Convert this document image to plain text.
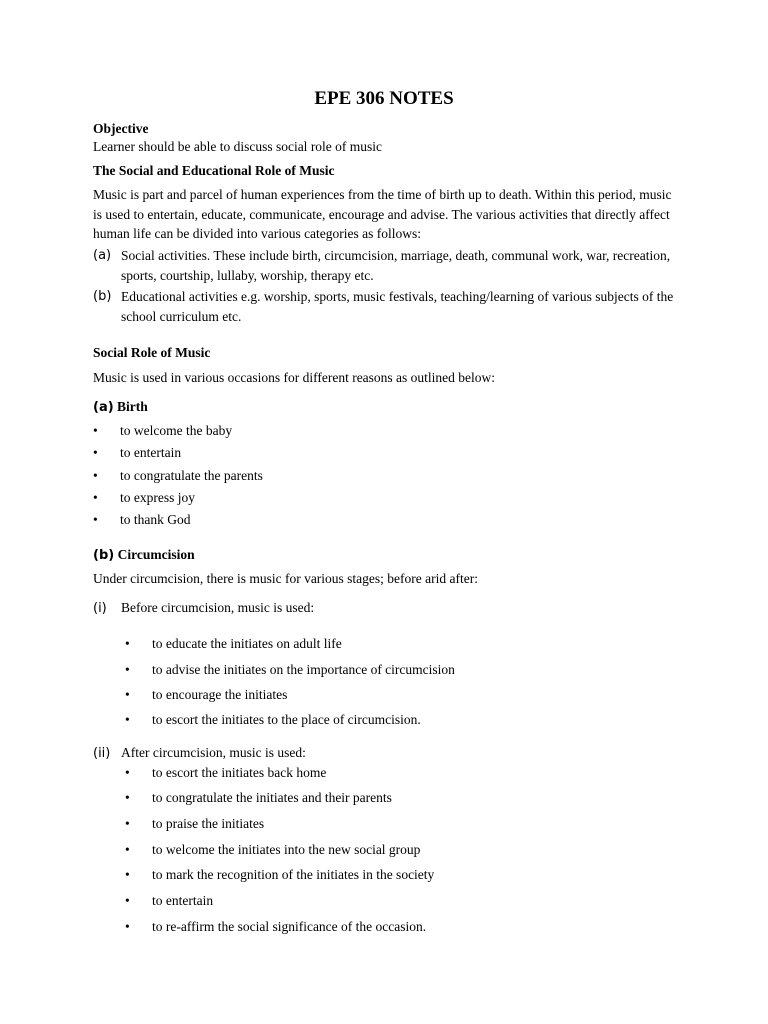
EPE 306 NOTES
Objective
Learner should be able to discuss social role of music
The Social and Educational Role of Music
Music is part and parcel of human experiences from the time of birth up to death. Within this period, music is used to entertain, educate, communicate, encourage and advise. The various activities that directly affect human life can be divided into various categories as follows:
(a) Social activities. These include birth, circumcision, marriage, death, communal work, war, recreation, sports, courtship, lullaby, worship, therapy etc.
(b) Educational activities e.g. worship, sports, music festivals, teaching/learning of various subjects of the school curriculum etc.
Social Role of Music
Music is used in various occasions for different reasons as outlined below:
(a) Birth
• to welcome the baby
• to entertain
• to congratulate the parents
• to express joy
• to thank God
(b) Circumcision
Under circumcision, there is music for various stages; before arid after:
(i) Before circumcision, music is used:
• to educate the initiates on adult life
• to advise the initiates on the importance of circumcision
• to encourage the initiates
• to escort the initiates to the place of circumcision.
(ii) After circumcision, music is used:
• to escort the initiates back home
• to congratulate the initiates and their parents
• to praise the initiates
• to welcome the initiates into the new social group
• to mark the recognition of the initiates in the society
• to entertain
• to re-affirm the social significance of the occasion.
